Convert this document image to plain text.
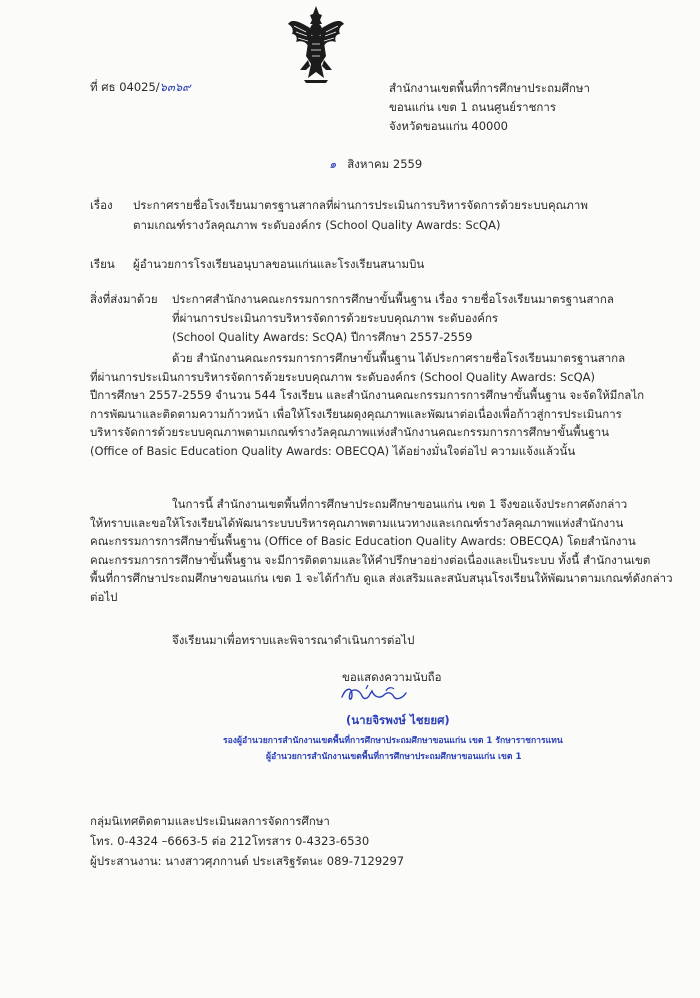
ที่ ศธ 04025/๖๓๖๙	สำนักงานเขตพื้นที่การศึกษาประถมศึกษา
ขอนแก่น เขต 1 ถนนศูนย์ราชการ
จังหวัดขอนแก่น 40000
๑ สิงหาคม 2559
เรื่อง ประกาศรายชื่อโรงเรียนมาตรฐานสากลที่ผ่านการประเมินการบริหารจัดการด้วยระบบคุณภาพ
ตามเกณฑ์รางวัลคุณภาพ ระดับองค์กร (School Quality Awards: ScQA)
เรียน ผู้อำนวยการโรงเรียนอนุบาลขอนแก่นและโรงเรียนสนามบิน
สิ่งที่ส่งมาด้วย ประกาศสำนักงานคณะกรรมการการศึกษาขั้นพื้นฐาน เรื่อง รายชื่อโรงเรียนมาตรฐานสากล
ที่ผ่านการประเมินการบริหารจัดการด้วยระบบคุณภาพ ระดับองค์กร
(School Quality Awards: ScQA) ปีการศึกษา 2557-2559
ด้วย สำนักงานคณะกรรมการการศึกษาขั้นพื้นฐาน ได้ประกาศรายชื่อโรงเรียนมาตรฐานสากล
ที่ผ่านการประเมินการบริหารจัดการด้วยระบบคุณภาพ ระดับองค์กร (School Quality Awards: ScQA)
ปีการศึกษา 2557-2559 จำนวน 544 โรงเรียน และสำนักงานคณะกรรมการการศึกษาขั้นพื้นฐาน จะจัดให้มีกลไก
การพัฒนาและติดตามความก้าวหน้า เพื่อให้โรงเรียนผดุงคุณภาพและพัฒนาต่อเนื่องเพื่อก้าวสู่การประเมินการ
บริหารจัดการด้วยระบบคุณภาพตามเกณฑ์รางวัลคุณภาพแห่งสำนักงานคณะกรรมการการศึกษาขั้นพื้นฐาน
(Office of Basic Education Quality Awards: OBECQA) ได้อย่างมั่นใจต่อไป ความแจ้งแล้วนั้น
ในการนี้ สำนักงานเขตพื้นที่การศึกษาประถมศึกษาขอนแก่น เขต 1 จึงขอแจ้งประกาศดังกล่าว
ให้ทราบและขอให้โรงเรียนได้พัฒนาระบบบริหารคุณภาพตามแนวทางและเกณฑ์รางวัลคุณภาพแห่งสำนักงาน
คณะกรรมการการศึกษาขั้นพื้นฐาน (Office of Basic Education Quality Awards: OBECQA) โดยสำนักงาน
คณะกรรมการการศึกษาขั้นพื้นฐาน จะมีการติดตามและให้คำปรึกษาอย่างต่อเนื่องและเป็นระบบ ทั้งนี้ สำนักงานเขต
พื้นที่การศึกษาประถมศึกษาขอนแก่น เขต 1 จะได้กำกับ ดูแล ส่งเสริมและสนับสนุนโรงเรียนให้พัฒนาตามเกณฑ์ดังกล่าว
ต่อไป
จึงเรียนมาเพื่อทราบและพิจารณาดำเนินการต่อไป
ขอแสดงความนับถือ
(นายจิรพงษ์ ไชยยศ)
รองผู้อำนวยการสำนักงานเขตพื้นที่การศึกษาประถมศึกษาขอนแก่น เขต 1 รักษาราชการแทน
ผู้อำนวยการสำนักงานเขตพื้นที่การศึกษาประถมศึกษาขอนแก่น เขต 1
กลุ่มนิเทศติดตามและประเมินผลการจัดการศึกษา
โทร. 0-4324 –6663-5 ต่อ 212โทรสาร 0-4323-6530
ผู้ประสานงาน: นางสาวศุภกานต์ ประเสริฐรัตนะ 089-7129297
